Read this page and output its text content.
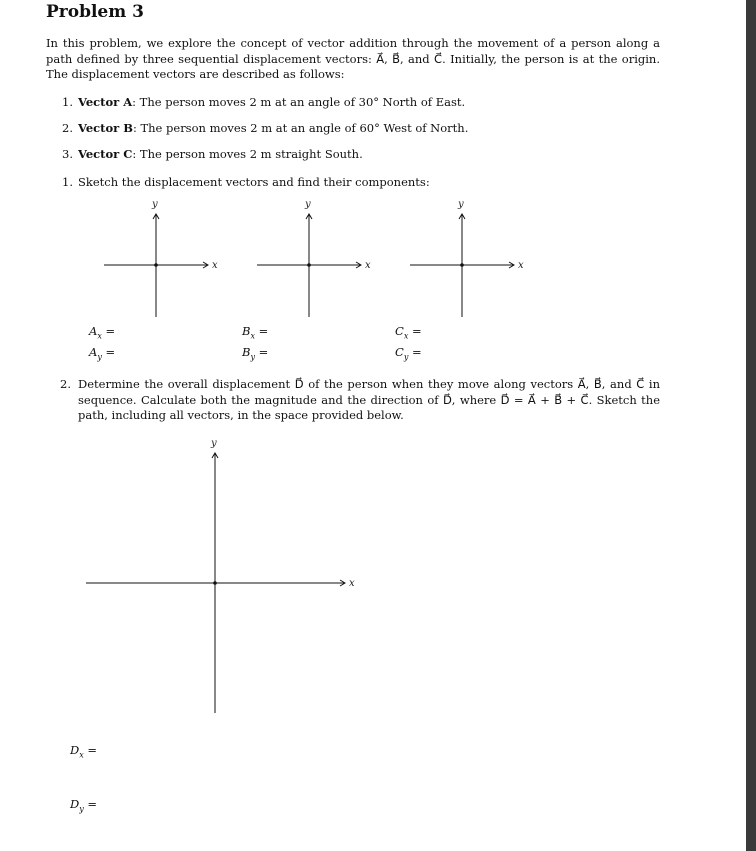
Problem 3

In this problem, we explore the concept of vector addition through the movement of a person along a path defined by three sequential displacement vectors: A⃗, B⃗, and C⃗. Initially, the person is at the origin. The displacement vectors are described as follows:

1. Vector A: The person moves 2 m at an angle of 30° North of East.
2. Vector B: The person moves 2 m at an angle of 60° West of North.
3. Vector C: The person moves 2 m straight South.
1. Sketch the displacement vectors and find their components:
x
y
x
y
x
y
x
y
$A_x$ =
$A_y$ =
$B_x$ =
$B_y$ =
$C_x$ =
$C_y$ =
2. Determine the overall displacement D⃗ of the person when they move along vectors A⃗, B⃗, and C⃗ in sequence. Calculate both the magnitude and the direction of D⃗, where D⃗ = A⃗ + B⃗ + C⃗. Sketch the path, including all vectors, in the space provided below.
$D_x$ =
$D_y$ =
